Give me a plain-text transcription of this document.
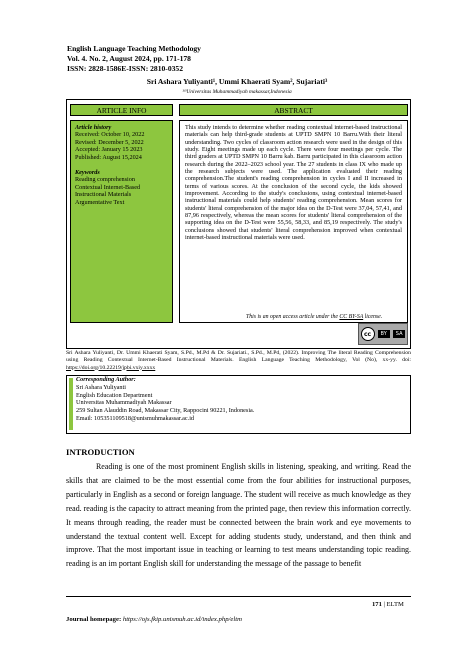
English Language Teaching Methodology
Vol. 4. No. 2, August 2024, pp. 171-178
ISSN: 2828-1586E-ISSN: 2810-0352
Sri Ashara Yuliyanti¹, Ummi Khaerati Syam², Sujariati³
¹ʲ³Universitas Muhammadiyah makassar,Indonesia
ARTICLE INFO	ABSTRACT
Article history
Received: October 10, 2022
Revised: December 5, 2022
Accepted: January 15 2023
Published: August 15,2024
Keywords
Reading comprehension
Contextual Internet-Based
Instructional Materials
Argumentative Text
This study intends to determine whether reading contextual internet-based instructional materials can help third-grade students at UPTD SMPN 10 Barru.With their literal understanding. Two cycles of classroom action research were used in the design of this study. Eight meetings made up each cycle. There were four meetings per cycle. The third graders at UPTD SMPN 10 Barru kab. Barru participated in this classroom action research during the 2022–2023 school year. The 27 students in class IX who made up the research subjects were used. The application evaluated their reading comprehension.The student's reading comprehension in cycles I and II increased in terms of various scores. At the conclusion of the second cycle, the kids showed improvement. According to the study's conclusions, using contextual internet-based instructional materials could help students' reading comprehension. Mean scores for students' literal comprehension of the major idea on the D-Test were 37,04, 57,41, and 87,96 respectively, whereas the mean scores for students' literal comprehension of the supporting idea on the D-Test were 55,56, 58,33, and 85,19 respectively. The study's conclusions showed that students' literal comprehension improved when contextual internet-based instructional materials were used.
This is an open access article under the CC BY-SA license.
cc	BY	SA
Sri Ashara Yuliyanti, Dr. Ummi Khaerati Syam, S.Pd., M.Pd & Dr. Sujariati., S.Pd., M.Pd, (2022). Improving The literal Reading Comprehension using Reading Contextual Internet-Based Instructional Materials. English Language Teaching Methodology, Vol (No), xx-yy. doi: https://doi.org/10.22219/jpbi.vxiy.xxxx
Corresponding Author:
Sri Ashara Yuliyanti
English Education Department
Universitas Muhammadiyah Makassar
259 Sultan Alauddin Road, Makassar City, Rappocini 90221, Indonesia.
Email: 105351109518@unismuhmakassar.ac.id
INTRODUCTION
Reading is one of the most prominent English skills in listening, speaking, and writing. Read the skills that are claimed to be the most essential come from the four abilities for instructional purposes, particularly in English as a second or foreign language. The student will receive as much knowledge as they read. reading is the capacity to attract meaning from the printed page, then review this information correctly. It means through reading, the reader must be connected between the brain work and eye movements to understand the textual content well. Except for adding students study, understand, and then think and improve. That the most important issue in teaching or learning to test means understanding topic reading. reading is an im portant English skill for understanding the message of the passage to benefit
171 | ELTM
Journal homepage: https://ojs.fkip.unismuh.ac.id/index.php/eltm
